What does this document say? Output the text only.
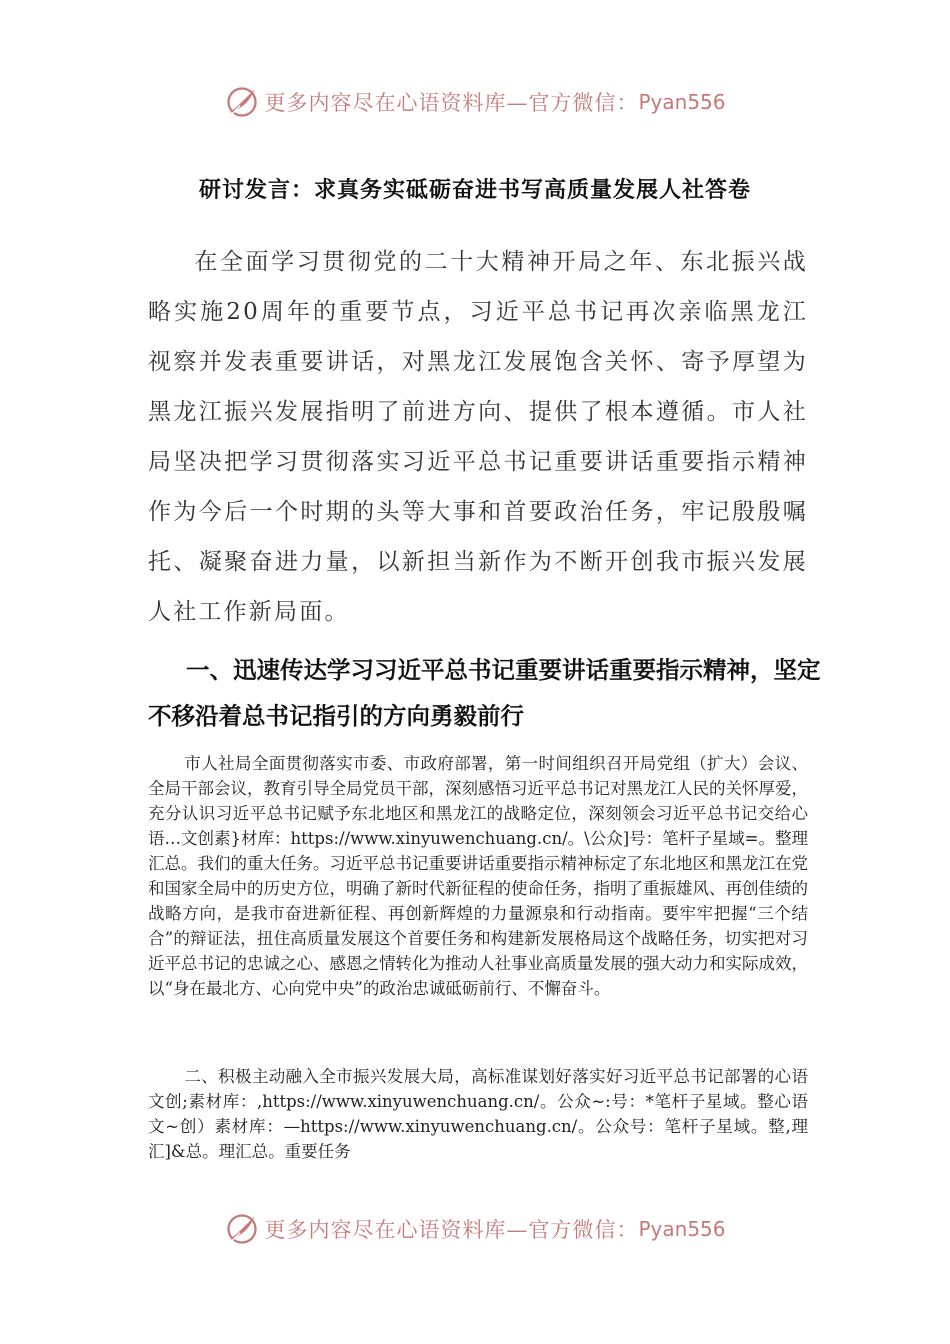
更多内容尽在心语资料库—官方微信： Pyan556
研讨发言：求真务实砥砺奋进书写高质量发展人社答卷

在全面学习贯彻党的二十大精神开局之年、东北振兴战略实施20周年的重要节点，习近平总书记再次亲临黑龙江视察并发表重要讲话，对黑龙江发展饱含关怀、寄予厚望为黑龙江振兴发展指明了前进方向、提供了根本遵循。市人社局坚决把学习贯彻落实习近平总书记重要讲话重要指示精神作为今后一个时期的头等大事和首要政治任务，牢记殷殷嘱托、凝聚奋进力量，以新担当新作为不断开创我市振兴发展人社工作新局面。

一、迅速传达学习习近平总书记重要讲话重要指示精神，坚定不移沿着总书记指引的方向勇毅前行

市人社局全面贯彻落实市委、市政府部署，第一时间组织召开局党组（扩大）会议、全局干部会议，教育引导全局党员干部，深刻感悟习近平总书记对黑龙江人民的关怀厚爱，充分认识习近平总书记赋予东北地区和黑龙江的战略定位，深刻领会习近平总书记交给心语…文创素}材库：https://www.xinyuwenchuang.cn/。\公众]号：笔杆子星域=。整理汇总。我们的重大任务。习近平总书记重要讲话重要指示精神标定了东北地区和黑龙江在党和国家全局中的历史方位，明确了新时代新征程的使命任务，指明了重振雄风、再创佳绩的战略方向，是我市奋进新征程、再创新辉煌的力量源泉和行动指南。要牢牢把握“三个结合”的辩证法，扭住高质量发展这个首要任务和构建新发展格局这个战略任务，切实把对习近平总书记的忠诚之心、感恩之情转化为推动人社事业高质量发展的强大动力和实际成效，以“身在最北方、心向党中央”的政治忠诚砥砺前行、不懈奋斗。

二、积极主动融入全市振兴发展大局，高标准谋划好落实好习近平总书记部署的心语文创;素材库：,https://www.xinyuwenchuang.cn/。公众~:号：*笔杆子星域。整心语文~创）素材库：—https://www.xinyuwenchuang.cn/。公众号：笔杆子星域。整,理汇]&总。理汇总。重要任务

更多内容尽在心语资料库—官方微信： Pyan556
